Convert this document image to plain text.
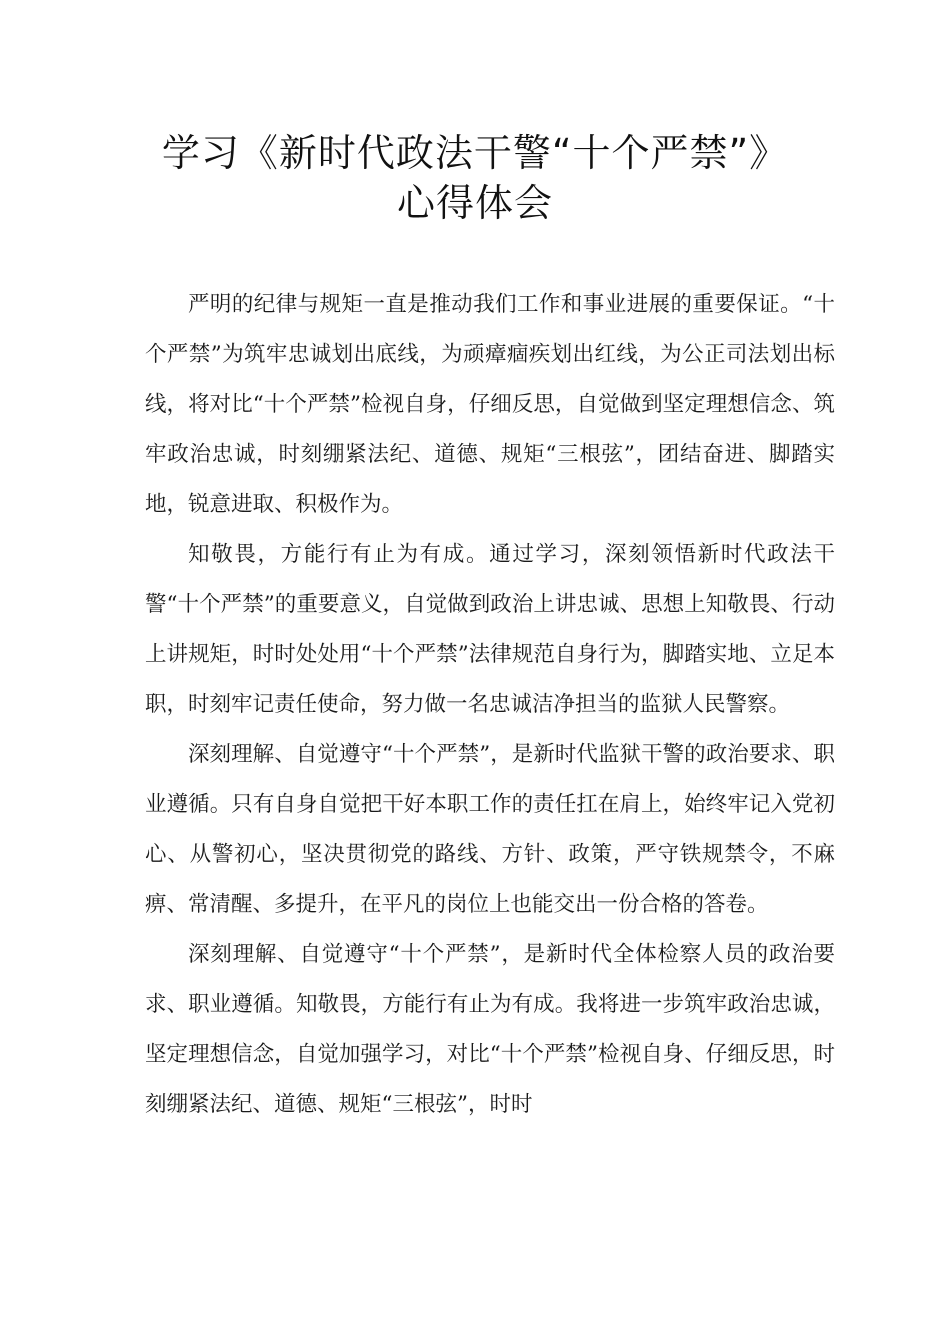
学习《新时代政法干警“十个严禁”》
心得体会

严明的纪律与规矩一直是推动我们工作和事业进展的重要保证。“十个严禁”为筑牢忠诚划出底线，为顽瘴痼疾划出红线，为公正司法划出标线，将对比“十个严禁”检视自身，仔细反思，自觉做到坚定理想信念、筑牢政治忠诚，时刻绷紧法纪、道德、规矩“三根弦”，团结奋进、脚踏实地，锐意进取、积极作为。

知敬畏，方能行有止为有成。通过学习，深刻领悟新时代政法干警“十个严禁”的重要意义，自觉做到政治上讲忠诚、思想上知敬畏、行动上讲规矩，时时处处用“十个严禁”法律规范自身行为，脚踏实地、立足本职，时刻牢记责任使命，努力做一名忠诚洁净担当的监狱人民警察。

深刻理解、自觉遵守“十个严禁”，是新时代监狱干警的政治要求、职业遵循。只有自身自觉把干好本职工作的责任扛在肩上，始终牢记入党初心、从警初心，坚决贯彻党的路线、方针、政策，严守铁规禁令，不麻痹、常清醒、多提升，在平凡的岗位上也能交出一份合格的答卷。

深刻理解、自觉遵守“十个严禁”，是新时代全体检察人员的政治要求、职业遵循。知敬畏，方能行有止为有成。我将进一步筑牢政治忠诚，坚定理想信念，自觉加强学习，对比“十个严禁”检视自身、仔细反思，时刻绷紧法纪、道德、规矩“三根弦”，时时
